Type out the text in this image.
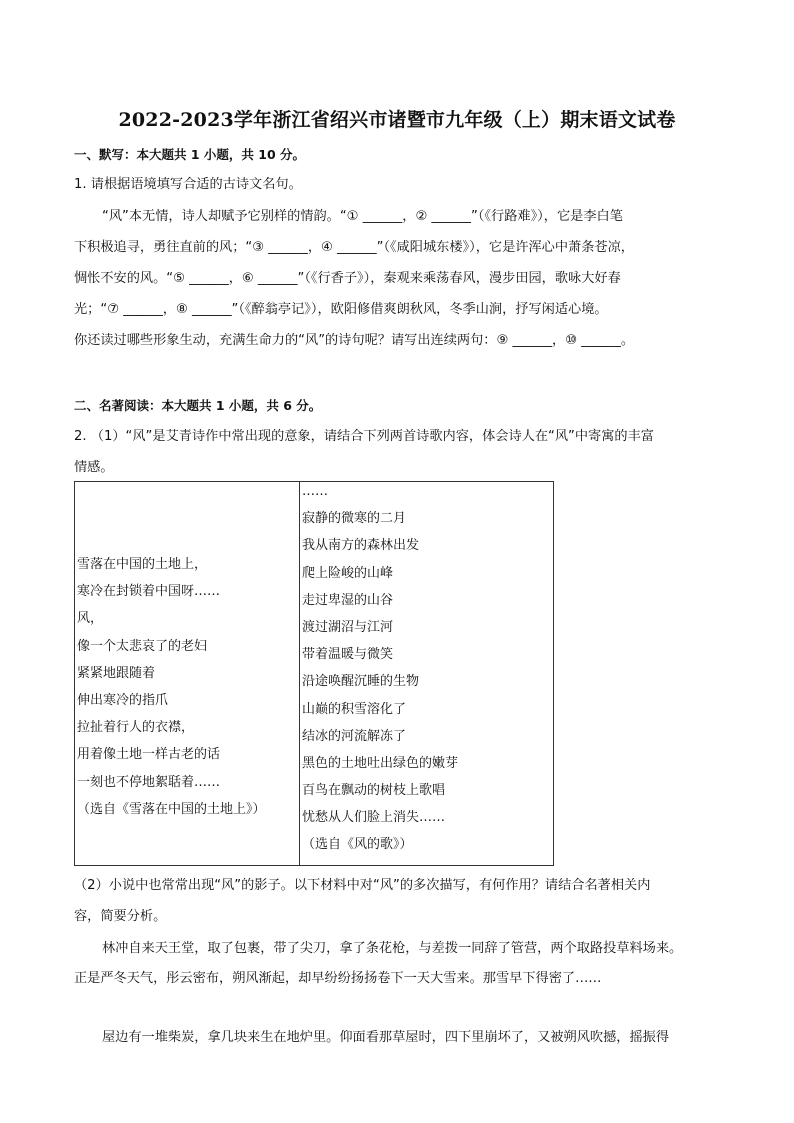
2022-2023学年浙江省绍兴市诸暨市九年级（上）期末语文试卷
一、默写：本大题共 1 小题，共 10 分。
1. 请根据语境填写合适的古诗文名句。
“风”本无情，诗人却赋予它别样的情韵。“① ______，② ______”（《行路难》），它是李白笔
下积极追寻，勇往直前的风；“③ ______，④ ______”（《咸阳城东楼》），它是许浑心中萧条苍凉，
惆怅不安的风。“⑤ ______，⑥ ______”（《行香子》），秦观来乘荡春风，漫步田园，歌咏大好春
光；“⑦ ______，⑧ ______”（《醉翁亭记》），欧阳修借爽朗秋风，冬季山涧，抒写闲适心境。
你还读过哪些形象生动，充满生命力的“风”的诗句呢？请写出连续两句：⑨ ______，⑩ ______。
二、名著阅读：本大题共 1 小题，共 6 分。
2. （1）“风”是艾青诗作中常出现的意象，请结合下列两首诗歌内容，体会诗人在“风”中寄寓的丰富
情感。
雪落在中国的土地上，
寒冷在封锁着中国呀……
风，
像一个太悲哀了的老妇
紧紧地跟随着
伸出寒冷的指爪
拉扯着行人的衣襟，
用着像土地一样古老的话
一刻也不停地絮聒着……
（选自《雪落在中国的土地上》）
……
寂静的微寒的二月
我从南方的森林出发
爬上险峻的山峰
走过卑湿的山谷
渡过湖沼与江河
带着温暖与微笑
沿途唤醒沉睡的生物
山巅的积雪溶化了
结冰的河流解冻了
黑色的土地吐出绿色的嫩芽
百鸟在飘动的树枝上歌唱
忧愁从人们脸上消失……
（选自《风的歌》）
（2）小说中也常常出现“风”的影子。以下材料中对“风”的多次描写，有何作用？请结合名著相关内
容，简要分析。
林冲自来天王堂，取了包裹，带了尖刀，拿了条花枪，与差拨一同辞了管营，两个取路投草料场来。
正是严冬天气，彤云密布，朔风渐起，却早纷纷扬扬卷下一天大雪来。那雪早下得密了……
屋边有一堆柴炭，拿几块来生在地炉里。仰面看那草屋时，四下里崩坏了，又被朔风吹撼，摇振得
